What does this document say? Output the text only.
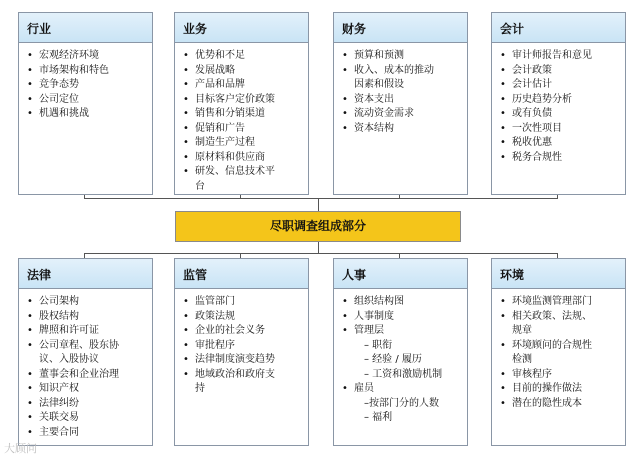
行业
• 宏观经济环境
• 市场架构和特色
• 竞争态势
• 公司定位
• 机遇和挑战
业务
• 优势和不足
• 发展战略
• 产品和品牌
• 目标客户定价政策
• 销售和分销渠道
• 促销和广告
• 制造生产过程
• 原材料和供应商
• 研发、信息技术平
台
财务
• 预算和预测
• 收入、成本的推动
因素和假设
• 资本支出
• 流动资金需求
• 资本结构
会计
• 审计师报告和意见
• 会计政策
• 会计估计
• 历史趋势分析
• 或有负债
• 一次性项目
• 税收优惠
• 税务合规性
尽职调查组成部分
法律
• 公司架构
• 股权结构
• 牌照和许可证
• 公司章程、股东协
议、入股协议
• 董事会和企业治理
• 知识产权
• 法律纠纷
• 关联交易
• 主要合同
监管
• 监管部门
• 政策法规
• 企业的社会义务
• 审批程序
• 法律制度演变趋势
• 地域政治和政府支
持
人事
• 组织结构图
• 人事制度
• 管理层
– 职衔
– 经验 / 履历
– 工资和激励机制
• 雇员
–按部门分的人数
– 福利
环境
• 环境监测管理部门
• 相关政策、法规、
规章
• 环境顾问的合规性
检测
• 审核程序
• 目前的操作做法
• 潜在的隐性成本
大顾问
